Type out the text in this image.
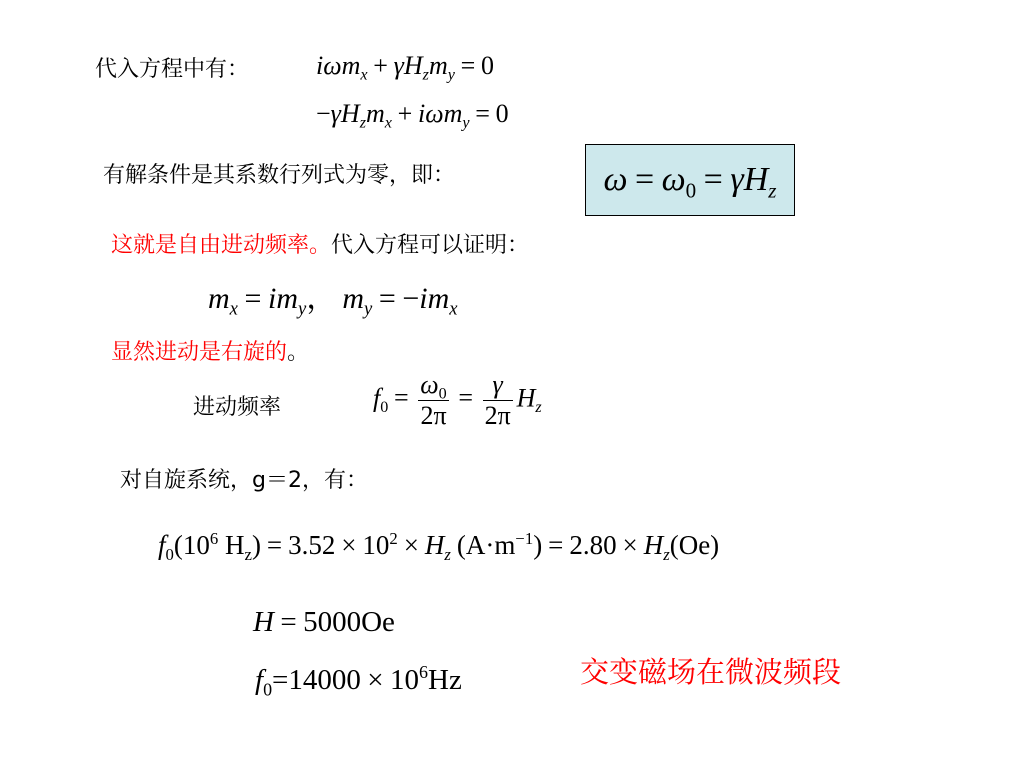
代入方程中有：	$i\omega m_x + \gamma H_zm_y = 0$
$-\gamma H_zm_x + i\omega m_y = 0$
有解条件是其系数行列式为零，即：	$\omega = \omega_0 = \gamma H_z$
这就是自由进动频率。代入方程可以证明：
$m_x = im_y$， $m_y = -im_x$
显然进动是右旋的。
进动频率	$f_0 = \frac{\omega_0}{2\pi} = \frac{\gamma}{2\pi} H_z$
对自旋系统，g＝2，有：
$f_0(10^6$ $H_z) = 3.52 \times 10^2 \times H_z$ $(A\cdot m^{-1}) = 2.80 \times H_z(Oe)$
H = 5000Oe
$f_0=14000 \times 10^6Hz$	交变磁场在微波频段
